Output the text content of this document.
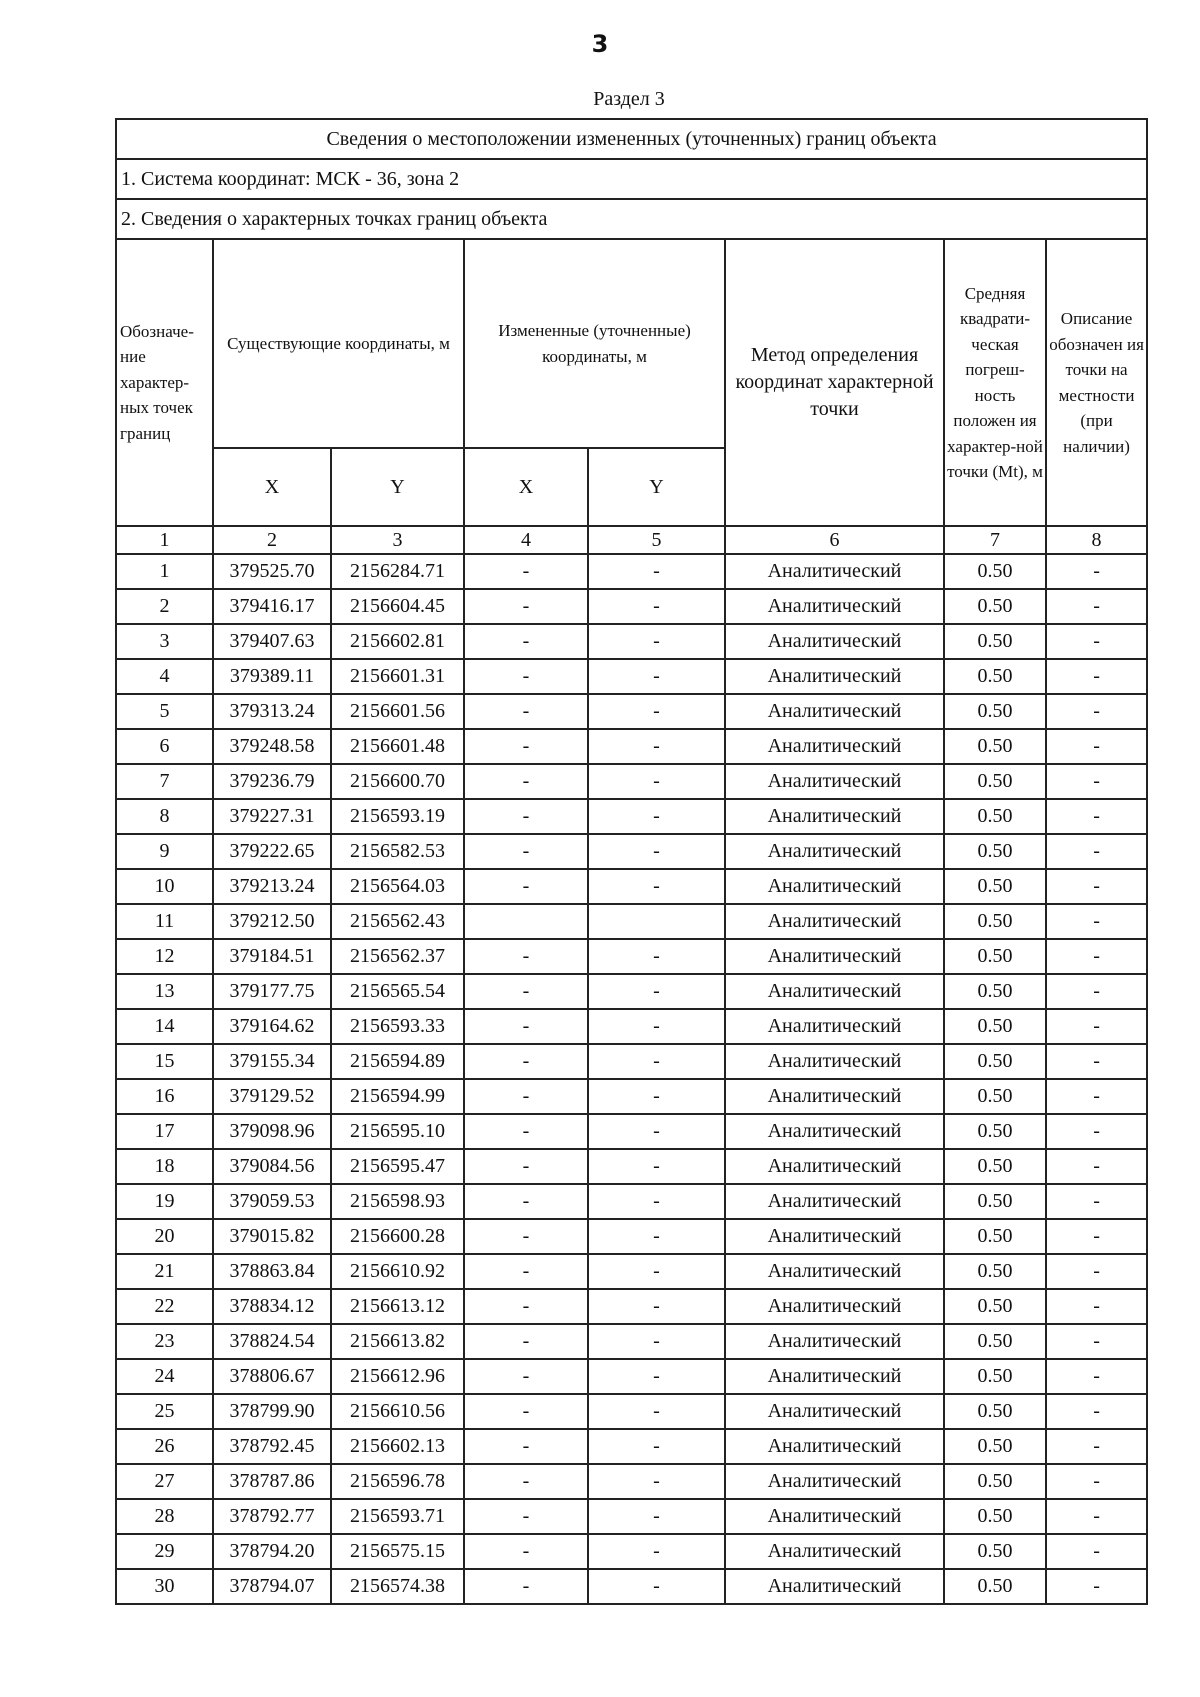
3
Раздел 3
Сведения о местоположении измененных (уточненных) границ объекта							
1. Система координат: МСК - 36, зона 2							
2. Сведения о характерных точках границ объекта							

Обозначе-ние характер-ных точек границ	Существующие координаты, м		Измененные (уточненные) координаты, м		Метод определения координат характерной точки	Средняя квадрати-ческая погреш-ность положен ия характер-ной точки (Mt), м	Описание обозначен ия точки на местности (при наличии)
	X	Y	X	Y			
1	2	3	4	5	6	7	8
1	379525.70	2156284.71	-	-	Аналитический	0.50	-
2	379416.17	2156604.45	-	-	Аналитический	0.50	-
3	379407.63	2156602.81	-	-	Аналитический	0.50	-
4	379389.11	2156601.31	-	-	Аналитический	0.50	-
5	379313.24	2156601.56	-	-	Аналитический	0.50	-
6	379248.58	2156601.48	-	-	Аналитический	0.50	-
7	379236.79	2156600.70	-	-	Аналитический	0.50	-
8	379227.31	2156593.19	-	-	Аналитический	0.50	-
9	379222.65	2156582.53	-	-	Аналитический	0.50	-
10	379213.24	2156564.03	-	-	Аналитический	0.50	-
11	379212.50	2156562.43			Аналитический	0.50	-
12	379184.51	2156562.37	-	-	Аналитический	0.50	-
13	379177.75	2156565.54	-	-	Аналитический	0.50	-
14	379164.62	2156593.33	-	-	Аналитический	0.50	-
15	379155.34	2156594.89	-	-	Аналитический	0.50	-
16	379129.52	2156594.99	-	-	Аналитический	0.50	-
17	379098.96	2156595.10	-	-	Аналитический	0.50	-
18	379084.56	2156595.47	-	-	Аналитический	0.50	-
19	379059.53	2156598.93	-	-	Аналитический	0.50	-
20	379015.82	2156600.28	-	-	Аналитический	0.50	-
21	378863.84	2156610.92	-	-	Аналитический	0.50	-
22	378834.12	2156613.12	-	-	Аналитический	0.50	-
23	378824.54	2156613.82	-	-	Аналитический	0.50	-
24	378806.67	2156612.96	-	-	Аналитический	0.50	-
25	378799.90	2156610.56	-	-	Аналитический	0.50	-
26	378792.45	2156602.13	-	-	Аналитический	0.50	-
27	378787.86	2156596.78	-	-	Аналитический	0.50	-
28	378792.77	2156593.71	-	-	Аналитический	0.50	-
29	378794.20	2156575.15	-	-	Аналитический	0.50	-
30	378794.07	2156574.38	-	-	Аналитический	0.50	-
